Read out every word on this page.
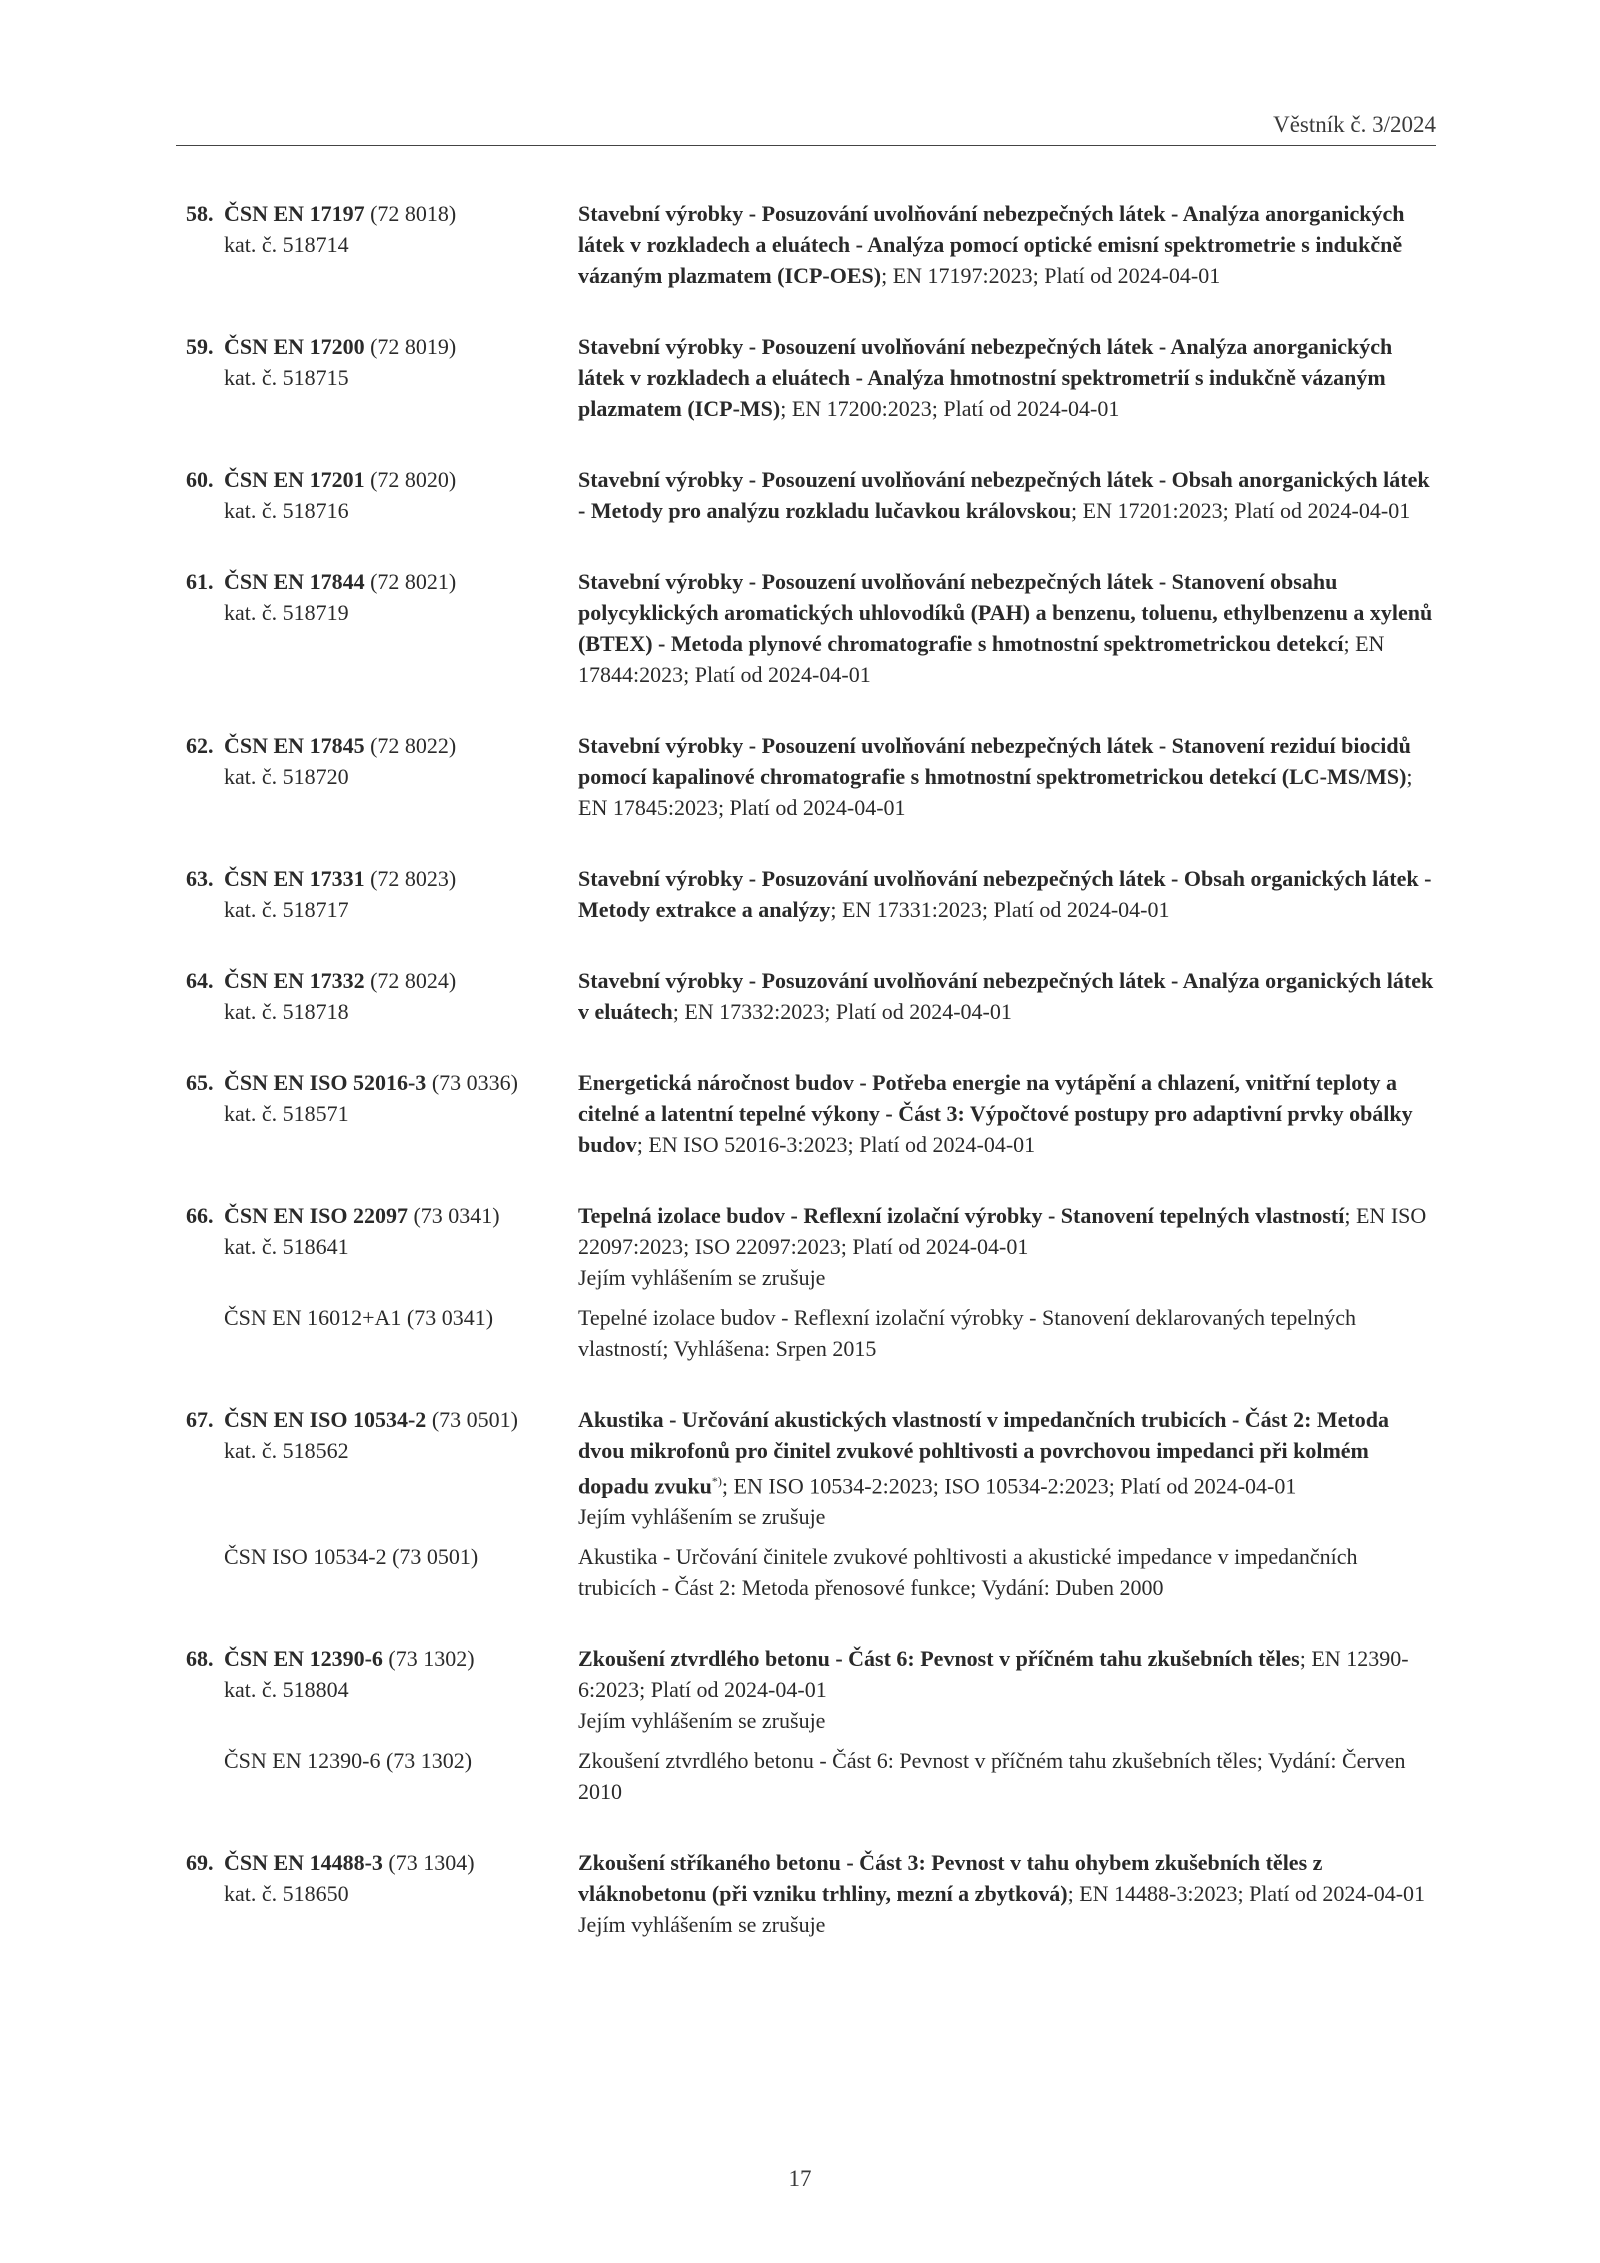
Věstník č. 3/2024
58. ČSN EN 17197 (72 8018)
kat. č. 518714
Stavební výrobky - Posuzování uvolňování nebezpečných látek - Analýza anorganických látek v rozkladech a eluátech - Analýza pomocí optické emisní spektrometrie s indukčně vázaným plazmatem (ICP-OES); EN 17197:2023; Platí od 2024-04-01
59. ČSN EN 17200 (72 8019)
kat. č. 518715
Stavební výrobky - Posouzení uvolňování nebezpečných látek - Analýza anorganických látek v rozkladech a eluátech - Analýza hmotnostní spektrometrií s indukčně vázaným plazmatem (ICP-MS); EN 17200:2023; Platí od 2024-04-01
60. ČSN EN 17201 (72 8020)
kat. č. 518716
Stavební výrobky - Posouzení uvolňování nebezpečných látek - Obsah anorganických látek - Metody pro analýzu rozkladu lučavkou královskou; EN 17201:2023; Platí od 2024-04-01
61. ČSN EN 17844 (72 8021)
kat. č. 518719
Stavební výrobky - Posouzení uvolňování nebezpečných látek - Stanovení obsahu polycyklických aromatických uhlovodíků (PAH) a benzenu, toluenu, ethylbenzenu a xylenů (BTEX) - Metoda plynové chromatografie s hmotnostní spektrometrickou detekcí; EN 17844:2023; Platí od 2024-04-01
62. ČSN EN 17845 (72 8022)
kat. č. 518720
Stavební výrobky - Posouzení uvolňování nebezpečných látek - Stanovení reziduí biocidů pomocí kapalinové chromatografie s hmotnostní spektrometrickou detekcí (LC-MS/MS); EN 17845:2023; Platí od 2024-04-01
63. ČSN EN 17331 (72 8023)
kat. č. 518717
Stavební výrobky - Posuzování uvolňování nebezpečných látek - Obsah organických látek - Metody extrakce a analýzy; EN 17331:2023; Platí od 2024-04-01
64. ČSN EN 17332 (72 8024)
kat. č. 518718
Stavební výrobky - Posuzování uvolňování nebezpečných látek - Analýza organických látek v eluátech; EN 17332:2023; Platí od 2024-04-01
65. ČSN EN ISO 52016-3 (73 0336)
kat. č. 518571
Energetická náročnost budov - Potřeba energie na vytápění a chlazení, vnitřní teploty a citelné a latentní tepelné výkony - Část 3: Výpočtové postupy pro adaptivní prvky obálky budov; EN ISO 52016-3:2023; Platí od 2024-04-01
66. ČSN EN ISO 22097 (73 0341)
kat. č. 518641
Tepelná izolace budov - Reflexní izolační výrobky - Stanovení tepelných vlastností; EN ISO 22097:2023; ISO 22097:2023; Platí od 2024-04-01
Jejím vyhlášením se zrušuje
ČSN EN 16012+A1 (73 0341)	Tepelné izolace budov - Reflexní izolační výrobky - Stanovení deklarovaných tepelných vlastností; Vyhlášena: Srpen 2015
67. ČSN EN ISO 10534-2 (73 0501)
kat. č. 518562
Akustika - Určování akustických vlastností v impedančních trubicích - Část 2: Metoda dvou mikrofonů pro činitel zvukové pohltivosti a povrchovou impedanci při kolmém dopadu zvuku*); EN ISO 10534-2:2023; ISO 10534-2:2023; Platí od 2024-04-01
Jejím vyhlášením se zrušuje
ČSN ISO 10534-2 (73 0501)	Akustika - Určování činitele zvukové pohltivosti a akustické impedance v impedančních trubicích - Část 2: Metoda přenosové funkce; Vydání: Duben 2000
68. ČSN EN 12390-6 (73 1302)
kat. č. 518804
Zkoušení ztvrdlého betonu - Část 6: Pevnost v příčném tahu zkušebních těles; EN 12390-6:2023; Platí od 2024-04-01
Jejím vyhlášením se zrušuje
ČSN EN 12390-6 (73 1302)	Zkoušení ztvrdlého betonu - Část 6: Pevnost v příčném tahu zkušebních těles; Vydání: Červen 2010
69. ČSN EN 14488-3 (73 1304)
kat. č. 518650
Zkoušení stříkaného betonu - Část 3: Pevnost v tahu ohybem zkušebních těles z vláknobetonu (při vzniku trhliny, mezní a zbytková); EN 14488-3:2023; Platí od 2024-04-01
Jejím vyhlášením se zrušuje
17
